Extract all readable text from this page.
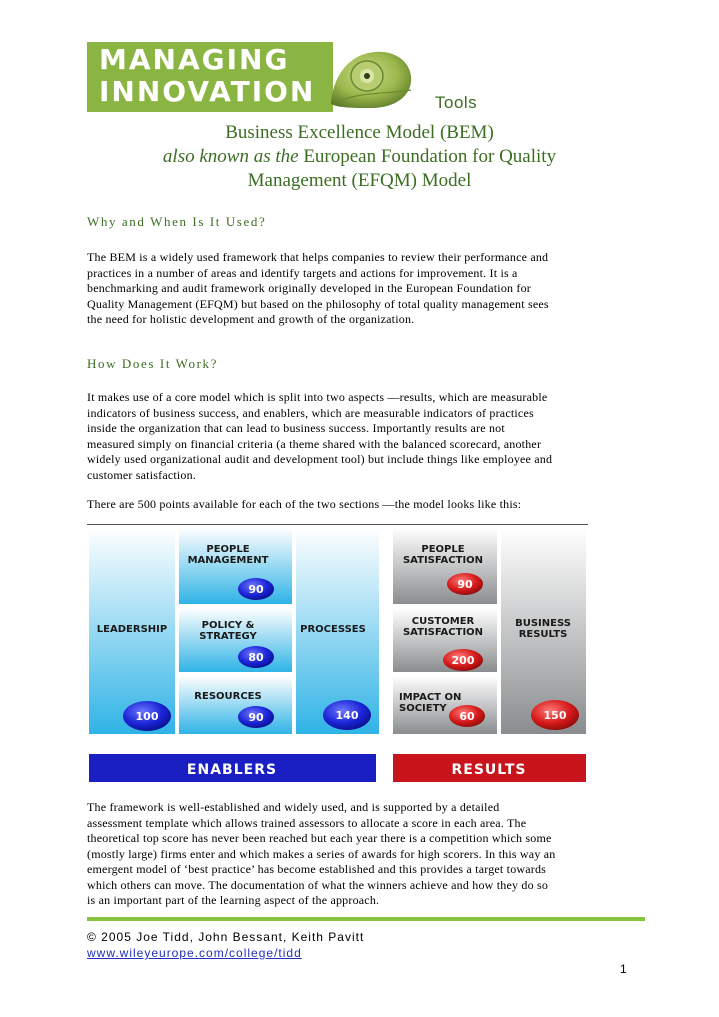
MANAGING
INNOVATION	Tools
Business Excellence Model (BEM)
also known as the European Foundation for Quality
Management (EFQM) Model
Why and When Is It Used?
The BEM is a widely used framework that helps companies to review their performance and
practices in a number of areas and identify targets and actions for improvement. It is a
benchmarking and audit framework originally developed in the European Foundation for
Quality Management (EFQM) but based on the philosophy of total quality management sees
the need for holistic development and growth of the organization.
How Does It Work?
It makes use of a core model which is split into two aspects —results, which are measurable
indicators of business success, and enablers, which are measurable indicators of practices
inside the organization that can lead to business success. Importantly results are not
measured simply on financial criteria (a theme shared with the balanced scorecard, another
widely used organizational audit and development tool) but include things like employee and
customer satisfaction.
There are 500 points available for each of the two sections —the model looks like this:
LEADERSHIP
100
PEOPLE
MANAGEMENT
90
POLICY &
STRATEGY
80
RESOURCES
90
PROCESSES
140
PEOPLE
SATISFACTION
90
CUSTOMER
SATISFACTION
200
IMPACT ON
SOCIETY
60
BUSINESS
RESULTS
150
ENABLERS	RESULTS
The framework is well-established and widely used, and is supported by a detailed
assessment template which allows trained assessors to allocate a score in each area. The
theoretical top score has never been reached but each year there is a competition which some
(mostly large) firms enter and which makes a series of awards for high scorers. In this way an
emergent model of ‘best practice’ has become established and this provides a target towards
which others can move. The documentation of what the winners achieve and how they do so
is an important part of the learning aspect of the approach.
© 2005 Joe Tidd, John Bessant, Keith Pavitt
www.wileyeurope.com/college/tidd
1
